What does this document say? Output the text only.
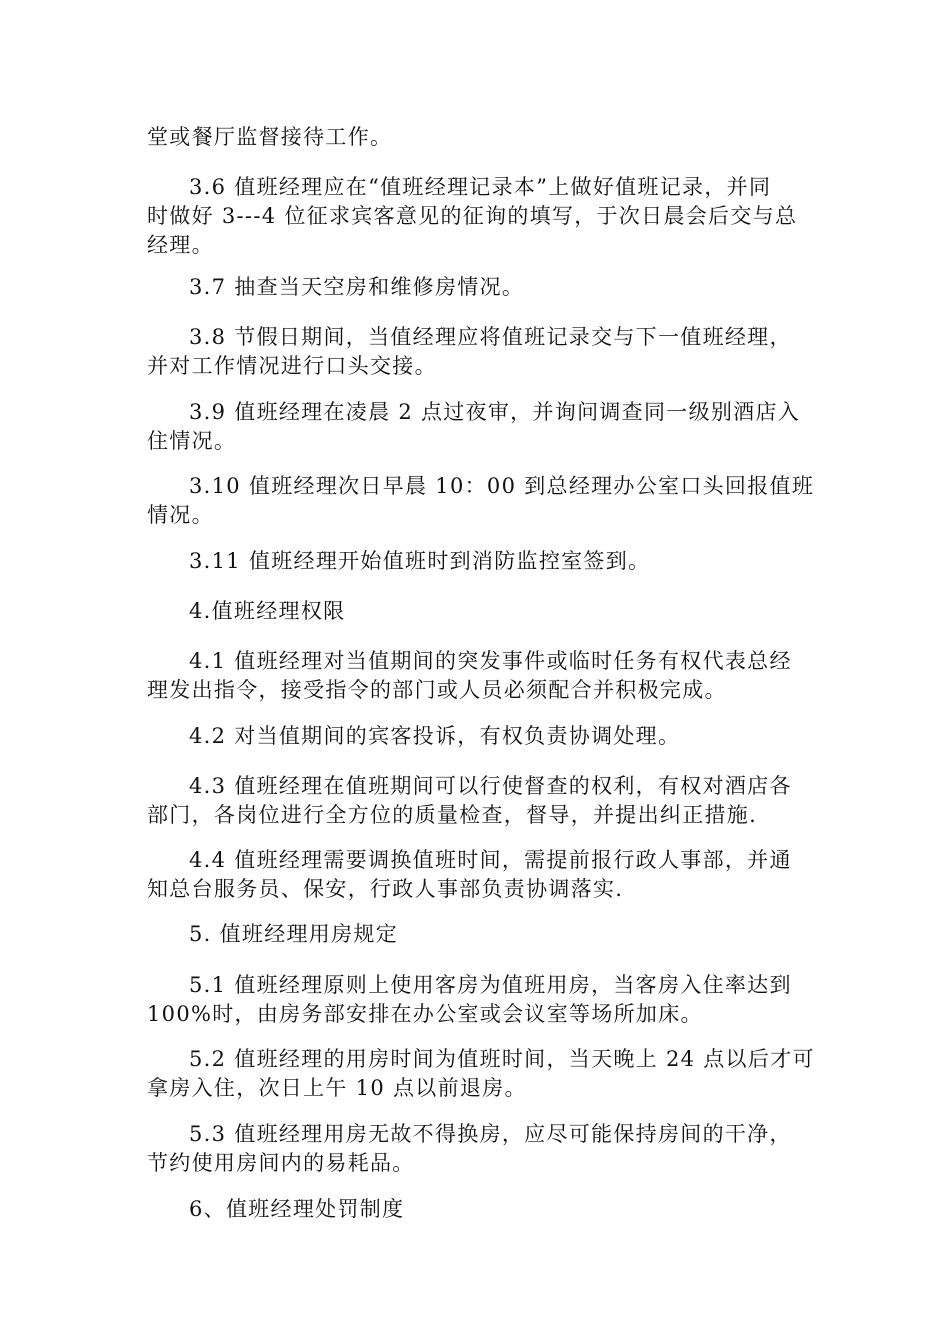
堂或餐厅监督接待工作。

3.6 值班经理应在“值班经理记录本”上做好值班记录，并同
时做好 3---4 位征求宾客意见的征询的填写，于次日晨会后交与总
经理。

3.7 抽查当天空房和维修房情况。

3.8 节假日期间，当值经理应将值班记录交与下一值班经理，
并对工作情况进行口头交接。

3.9 值班经理在凌晨 2 点过夜审，并询问调查同一级别酒店入
住情况。

3.10 值班经理次日早晨 10：00 到总经理办公室口头回报值班
情况。

3.11 值班经理开始值班时到消防监控室签到。

4.值班经理权限

4.1 值班经理对当值期间的突发事件或临时任务有权代表总经
理发出指令，接受指令的部门或人员必须配合并积极完成。

4.2 对当值期间的宾客投诉，有权负责协调处理。

4.3 值班经理在值班期间可以行使督查的权利，有权对酒店各
部门，各岗位进行全方位的质量检查，督导，并提出纠正措施.

4.4 值班经理需要调换值班时间，需提前报行政人事部，并通
知总台服务员、保安，行政人事部负责协调落实.

5. 值班经理用房规定

5.1 值班经理原则上使用客房为值班用房，当客房入住率达到
100%时，由房务部安排在办公室或会议室等场所加床。

5.2 值班经理的用房时间为值班时间，当天晚上 24 点以后才可
拿房入住，次日上午 10 点以前退房。

5.3 值班经理用房无故不得换房，应尽可能保持房间的干净，
节约使用房间内的易耗品。

6、值班经理处罚制度
